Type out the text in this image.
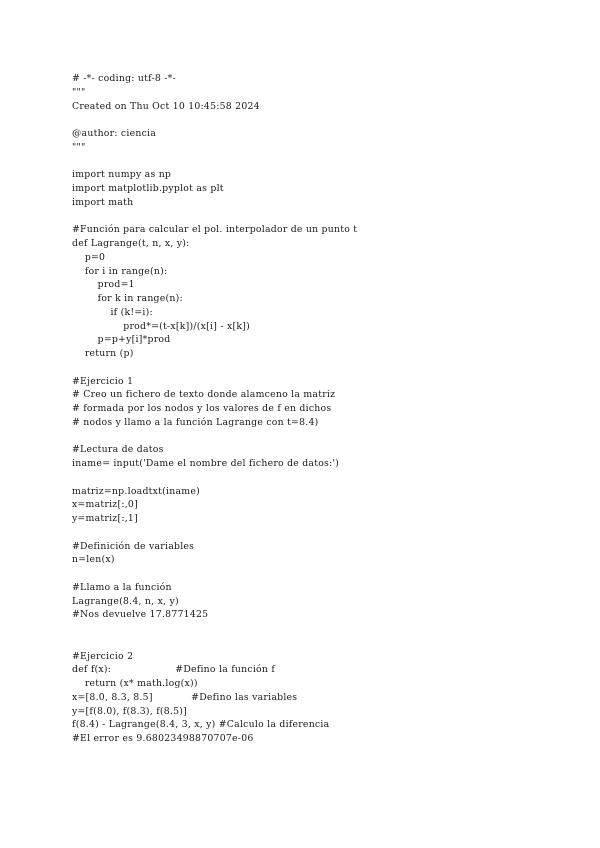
# -*- coding: utf-8 -*-
"""
Created on Thu Oct 10 10:45:58 2024
@author: ciencia
"""
import numpy as np
import matplotlib.pyplot as plt
import math
#Función para calcular el pol. interpolador de un punto t
def Lagrange(t, n, x, y):
p=0
for i in range(n):
prod=1
for k in range(n):
if (k!=i):
prod*=(t-x[k])/(x[i] - x[k])
p=p+y[i]*prod
return (p)
#Ejercicio 1
# Creo un fichero de texto donde alamceno la matriz
# formada por los nodos y los valores de f en dichos
# nodos y llamo a la función Lagrange con t=8.4)
#Lectura de datos
iname= input('Dame el nombre del fichero de datos:')
matriz=np.loadtxt(iname)
x=matriz[:,0]
y=matriz[:,1]
#Definición de variables
n=len(x)
#Llamo a la función
Lagrange(8.4, n, x, y)
#Nos devuelve 17.8771425
#Ejercicio 2
def f(x):                    #Defino la función f
return (x* math.log(x))
x=[8.0, 8.3, 8.5]            #Defino las variables
y=[f(8.0), f(8.3), f(8.5)]
f(8.4) - Lagrange(8.4, 3, x, y) #Calculo la diferencia
#El error es 9.68023498870707e-06
